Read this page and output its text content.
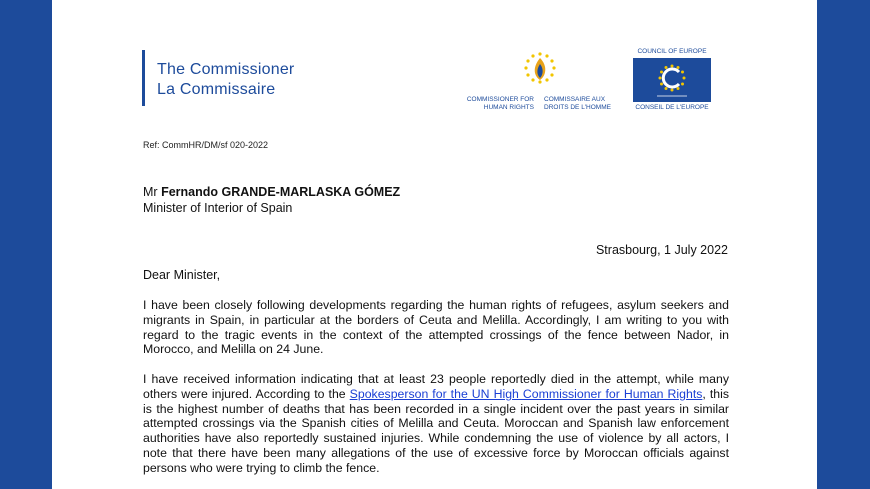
The Commissioner
La Commissaire
COMMISSIONER FOR HUMAN RIGHTS
COMMISSAIRE AUX DROITS DE L'HOMME
COUNCIL OF EUROPE
CONSEIL DE L'EUROPE
Ref: CommHR/DM/sf 020-2022
Mr Fernando GRANDE-MARLASKA GÓMEZ
Minister of Interior of Spain
Strasbourg, 1 July 2022
Dear Minister,
I have been closely following developments regarding the human rights of refugees, asylum seekers and migrants in Spain, in particular at the borders of Ceuta and Melilla. Accordingly, I am writing to you with regard to the tragic events in the context of the attempted crossings of the fence between Nador, in Morocco, and Melilla on 24 June.
I have received information indicating that at least 23 people reportedly died in the attempt, while many others were injured. According to the Spokesperson for the UN High Commissioner for Human Rights, this is the highest number of deaths that has been recorded in a single incident over the past years in similar attempted crossings via the Spanish cities of Melilla and Ceuta. Moroccan and Spanish law enforcement authorities have also reportedly sustained injuries. While condemning the use of violence by all actors, I note that there have been many allegations of the use of excessive force by Moroccan officials against persons who were trying to climb the fence.
